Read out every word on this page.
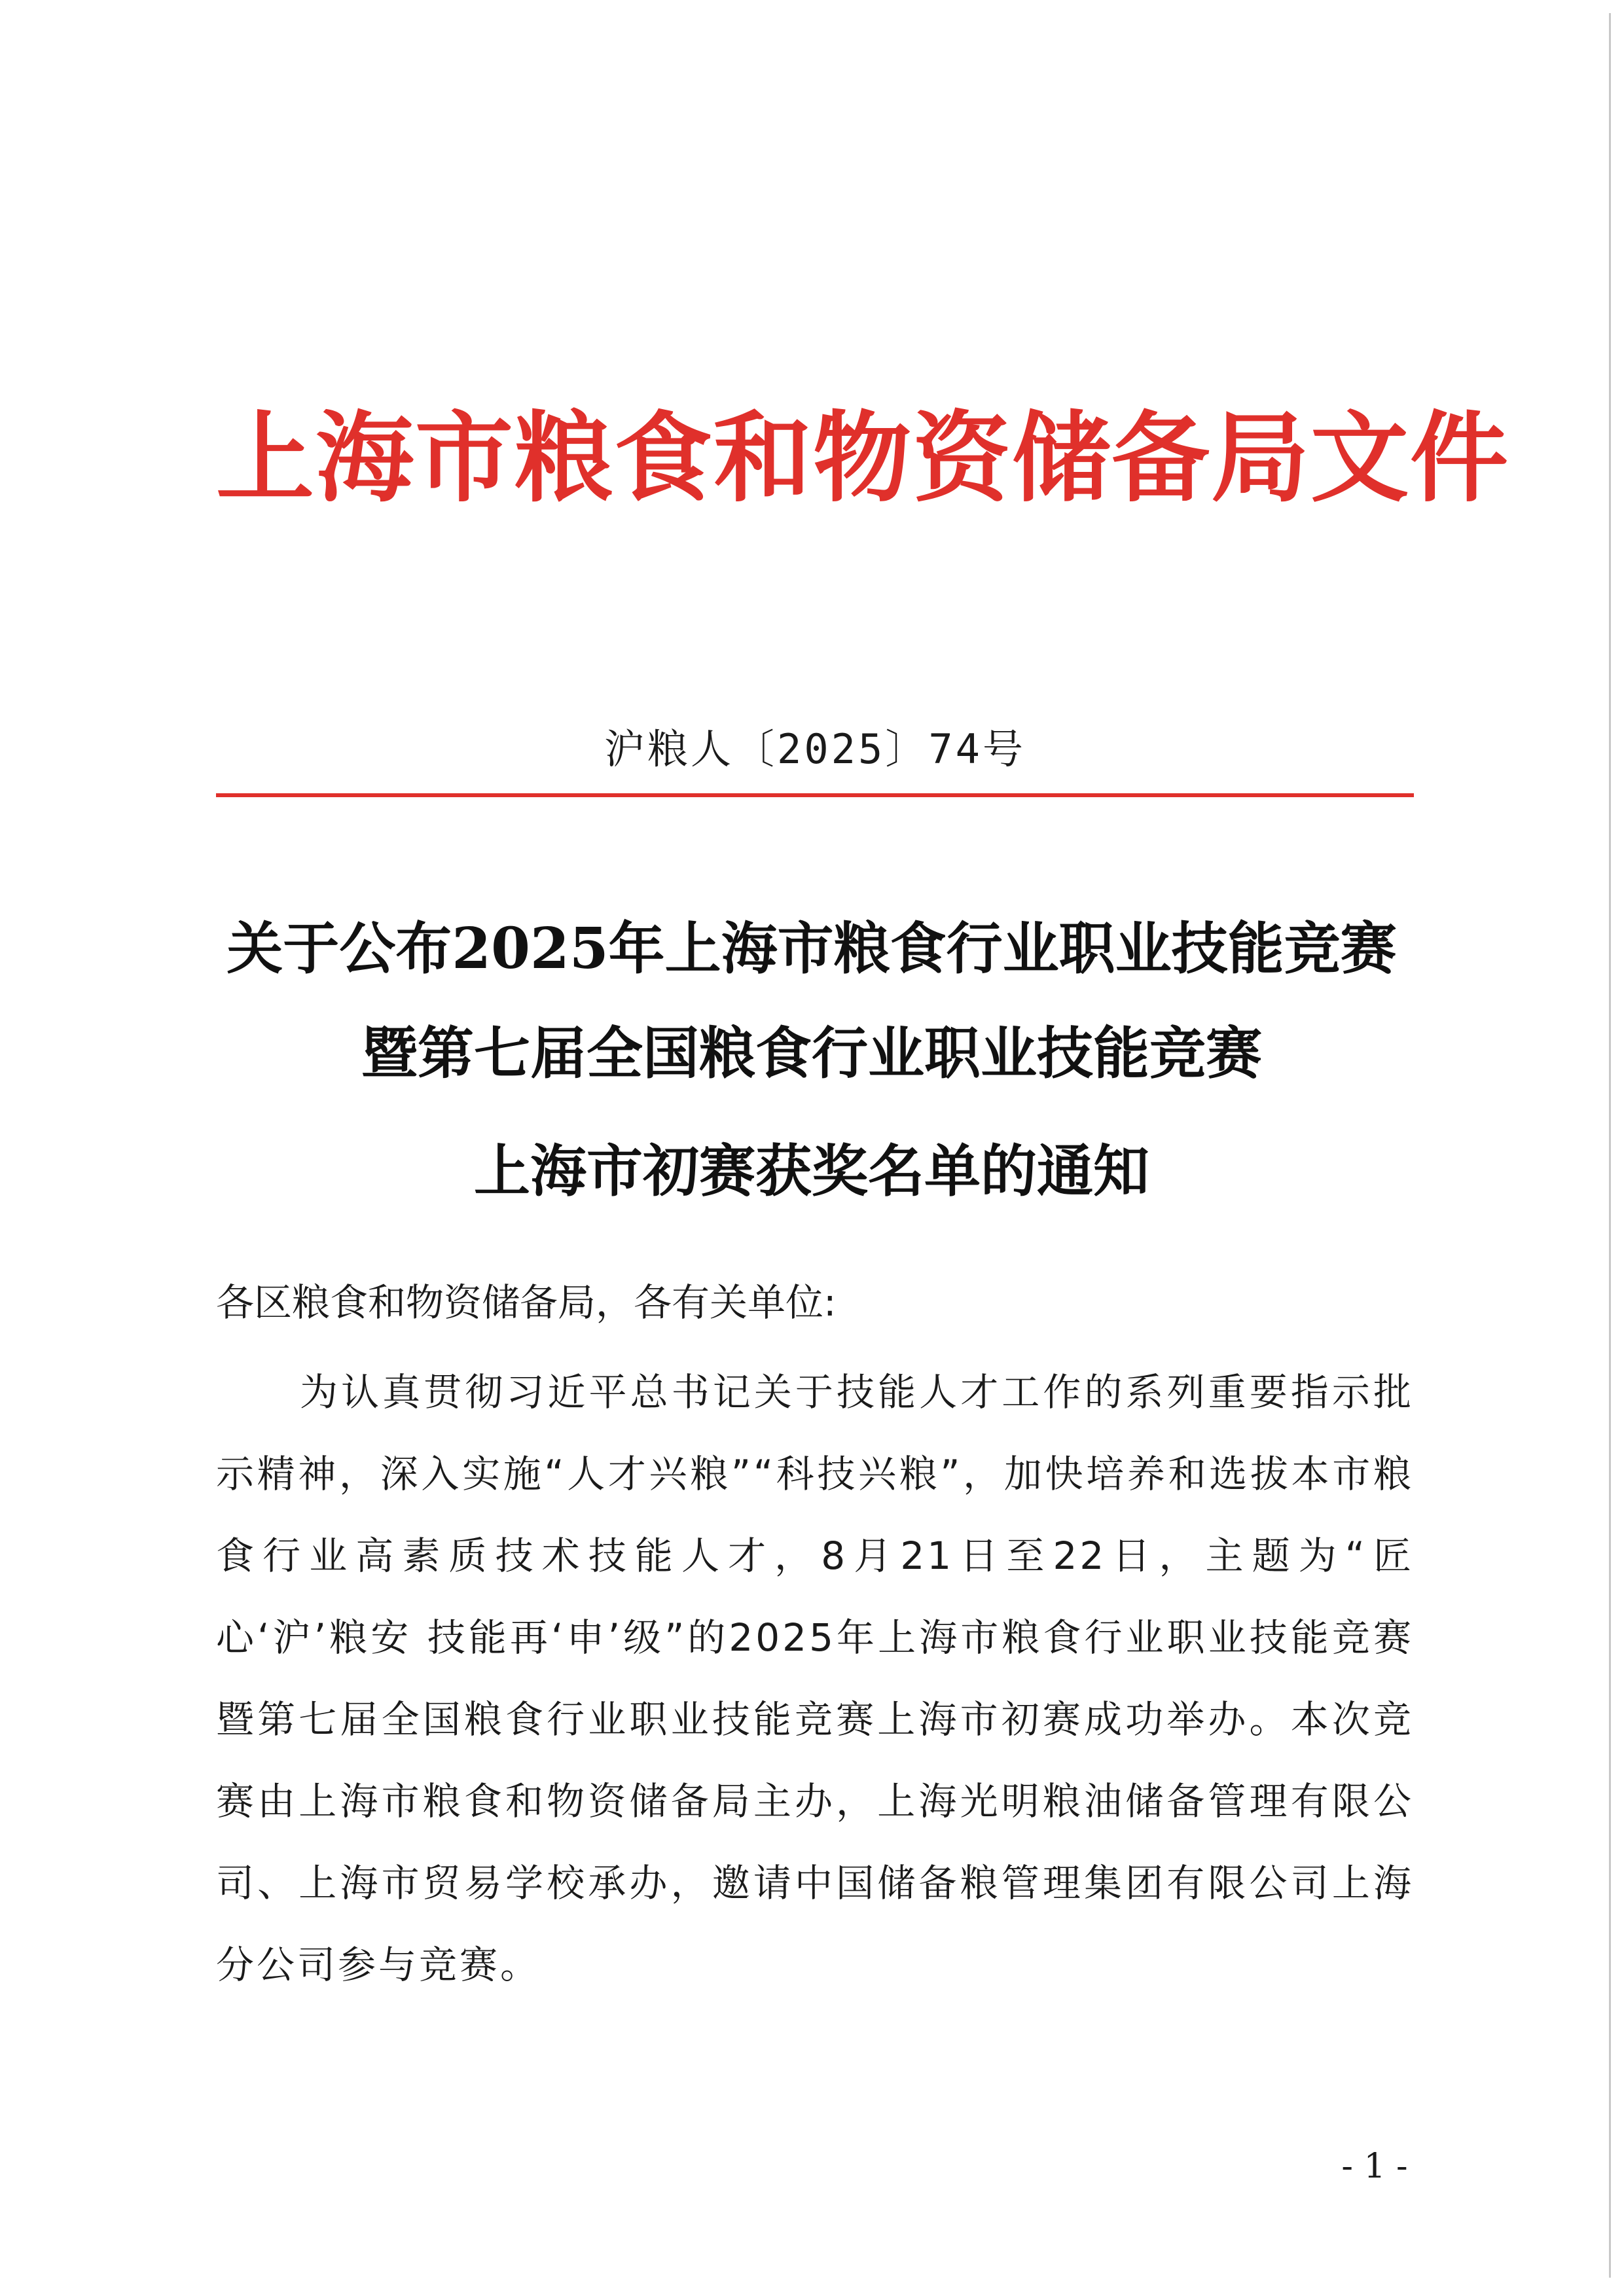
上海市粮食和物资储备局文件
沪粮人〔2025〕74号
关于公布2025年上海市粮食行业职业技能竞赛
暨第七届全国粮食行业职业技能竞赛
上海市初赛获奖名单的通知
各区粮食和物资储备局，各有关单位:
为认真贯彻习近平总书记关于技能人才工作的系列重要指示批示精神，深入实施“人才兴粮”“科技兴粮”，加快培养和选拔本市粮食行业高素质技术技能人才，8月21日至22日，主题为“匠心‘沪’粮安 技能再‘申’级”的2025年上海市粮食行业职业技能竞赛暨第七届全国粮食行业职业技能竞赛上海市初赛成功举办。本次竞赛由上海市粮食和物资储备局主办，上海光明粮油储备管理有限公司、上海市贸易学校承办，邀请中国储备粮管理集团有限公司上海分公司参与竞赛。
- 1 -
